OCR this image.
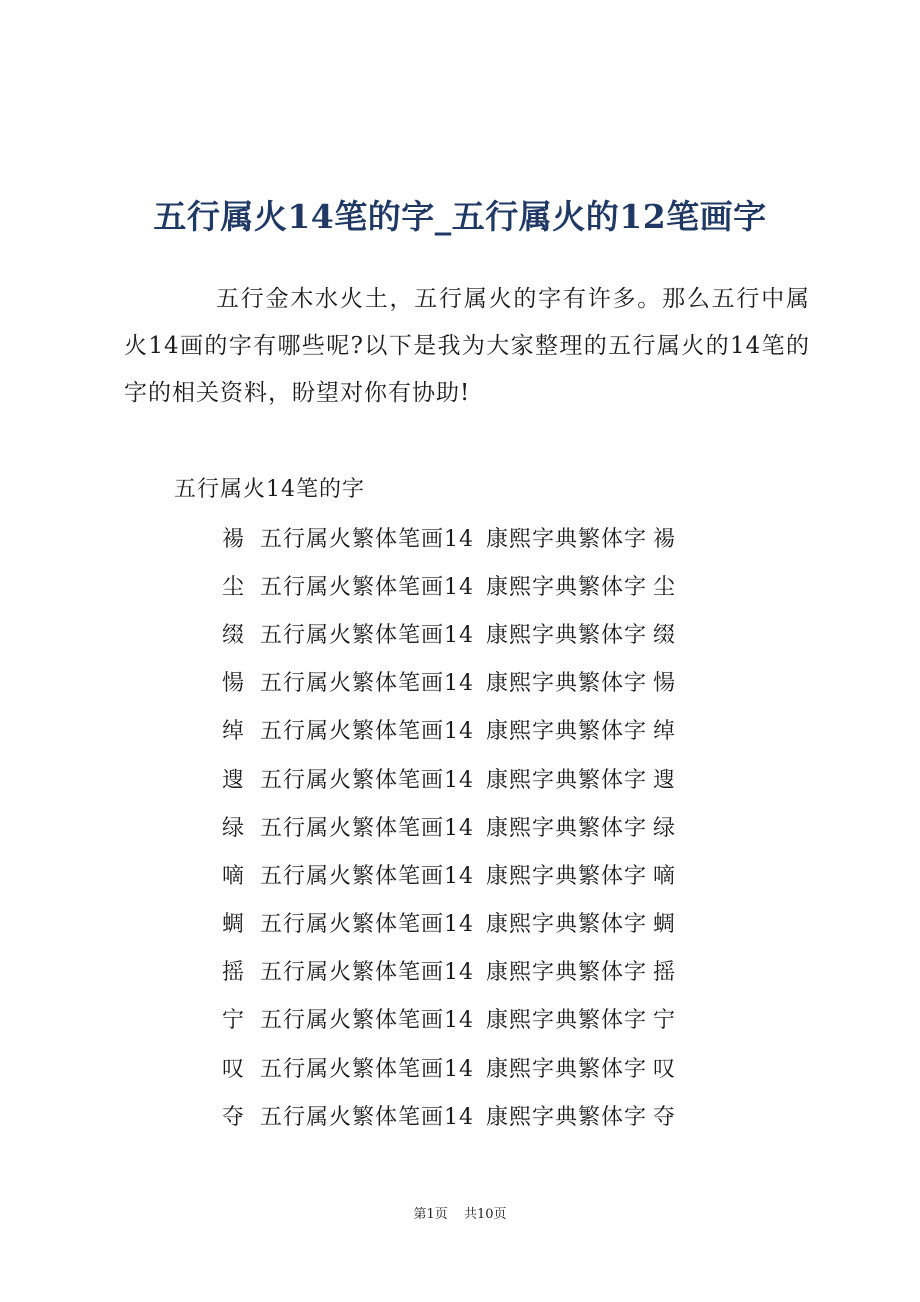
五行属火14笔的字_五行属火的12笔画字

五行金木水火土，五行属火的字有许多。那么五行中属火14画的字有哪些呢?以下是我为大家整理的五行属火的14笔的字的相关资料，盼望对你有协助!

五行属火14笔的字
禓 五行属火繁体笔画14 康熙字典繁体字 禓
尘 五行属火繁体笔画14 康熙字典繁体字 尘
缀 五行属火繁体笔画14 康熙字典繁体字 缀
愓 五行属火繁体笔画14 康熙字典繁体字 愓
绰 五行属火繁体笔画14 康熙字典繁体字 绰
遚 五行属火繁体笔画14 康熙字典繁体字 遚
绿 五行属火繁体笔画14 康熙字典繁体字 绿
嘀 五行属火繁体笔画14 康熙字典繁体字 嘀
蜩 五行属火繁体笔画14 康熙字典繁体字 蜩
摇 五行属火繁体笔画14 康熙字典繁体字 摇
宁 五行属火繁体笔画14 康熙字典繁体字 宁
叹 五行属火繁体笔画14 康熙字典繁体字 叹
夺 五行属火繁体笔画14 康熙字典繁体字 夺
第1页 共10页
